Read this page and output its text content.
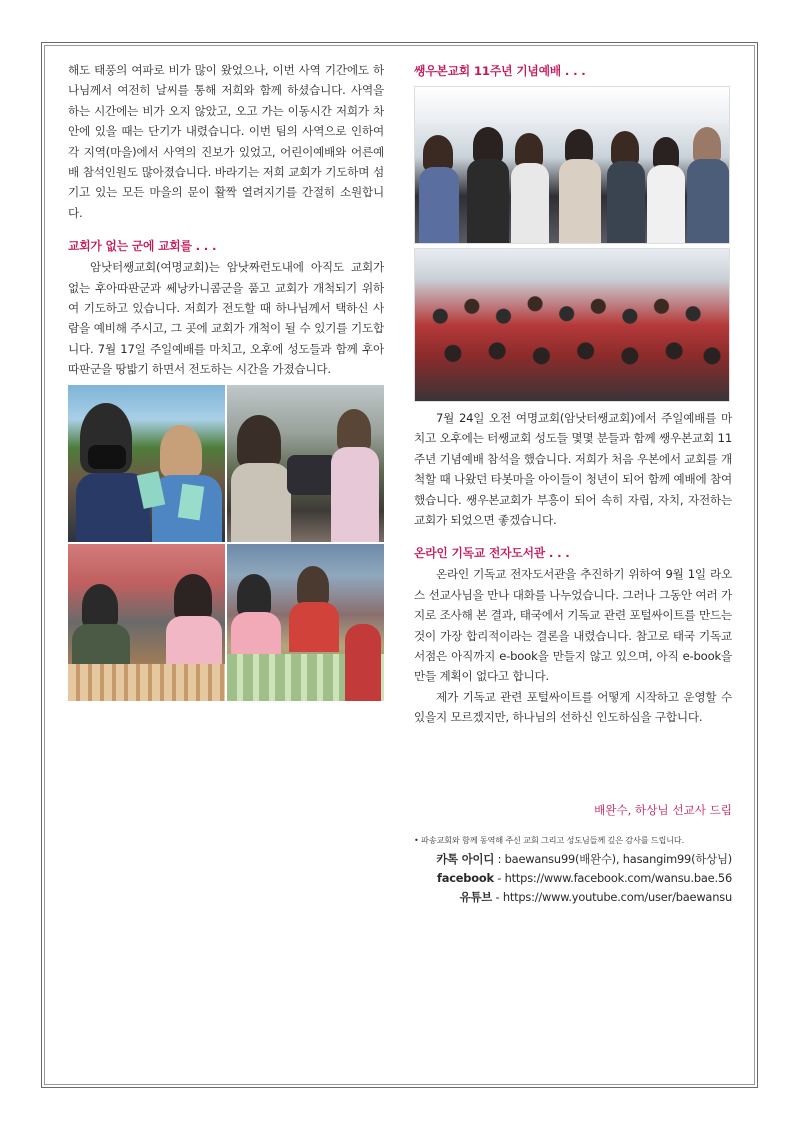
해도 태풍의 여파로 비가 많이 왔었으나, 이번 사역 기간에도 하나님께서 여전히 날씨를 통해 저희와 함께 하셨습니다. 사역을 하는 시간에는 비가 오지 않았고, 오고 가는 이동시간 저희가 차안에 있을 때는 단기가 내렸습니다. 이번 팀의 사역으로 인하여 각 지역(마을)에서 사역의 진보가 있었고, 어린이예배와 어른예배 참석인원도 많아졌습니다. 바라기는 저희 교회가 기도하며 섬기고 있는 모든 마을의 문이 활짝 열려지기를 간절히 소원합니다.

교회가 없는 군에 교회를 . . .

암낫터쌩교회(여명교회)는 암낫짜런도내에 아직도 교회가 없는 후아따판군과 쎄낭카니콤군을 품고 교회가 개척되기 위하여 기도하고 있습니다. 저희가 전도할 때 하나님께서 택하신 사람을 예비해 주시고, 그 곳에 교회가 개척이 될 수 있기를 기도합니다. 7월 17일 주일예배를 마치고, 오후에 성도들과 함께 후아따판군을 땅밟기 하면서 전도하는 시간을 가졌습니다.

쌩우본교회 11주년 기념예배 . . .

7월 24일 오전 여명교회(암낫터쌩교회)에서 주일예배를 마치고 오후에는 터쌩교회 성도들 몇몇 분들과 함께 쌩우본교회 11주년 기념예배 참석을 했습니다. 저희가 처음 우본에서 교회를 개척할 때 나왔던 타봇마을 아이들이 청년이 되어 함께 예배에 참여했습니다. 쌩우본교회가 부흥이 되어 속히 자립, 자치, 자전하는 교회가 되었으면 좋겠습니다.

온라인 기독교 전자도서관 . . .

온라인 기독교 전자도서관을 추진하기 위하여 9월 1일 라오스 선교사님을 만나 대화를 나누었습니다. 그러나 그동안 여러 가지로 조사해 본 결과, 태국에서 기독교 관련 포털싸이트를 만드는 것이 가장 합리적이라는 결론을 내렸습니다. 참고로 태국 기독교 서점은 아직까지 e-book을 만들지 않고 있으며, 아직 e-book을 만들 계획이 없다고 합니다.

제가 기독교 관련 포털싸이트를 어떻게 시작하고 운영할 수 있을지 모르겠지만, 하나님의 선하신 인도하심을 구합니다.

배완수, 하상님 선교사 드림
• 파송교회와 함께 동역해 주신 교회 그리고 성도님들께 깊은 감사를 드립니다.
카톡 아이디 : baewansu99(배완수), hasangim99(하상님)
facebook - https://www.facebook.com/wansu.bae.56
유튜브 - https://www.youtube.com/user/baewansu
